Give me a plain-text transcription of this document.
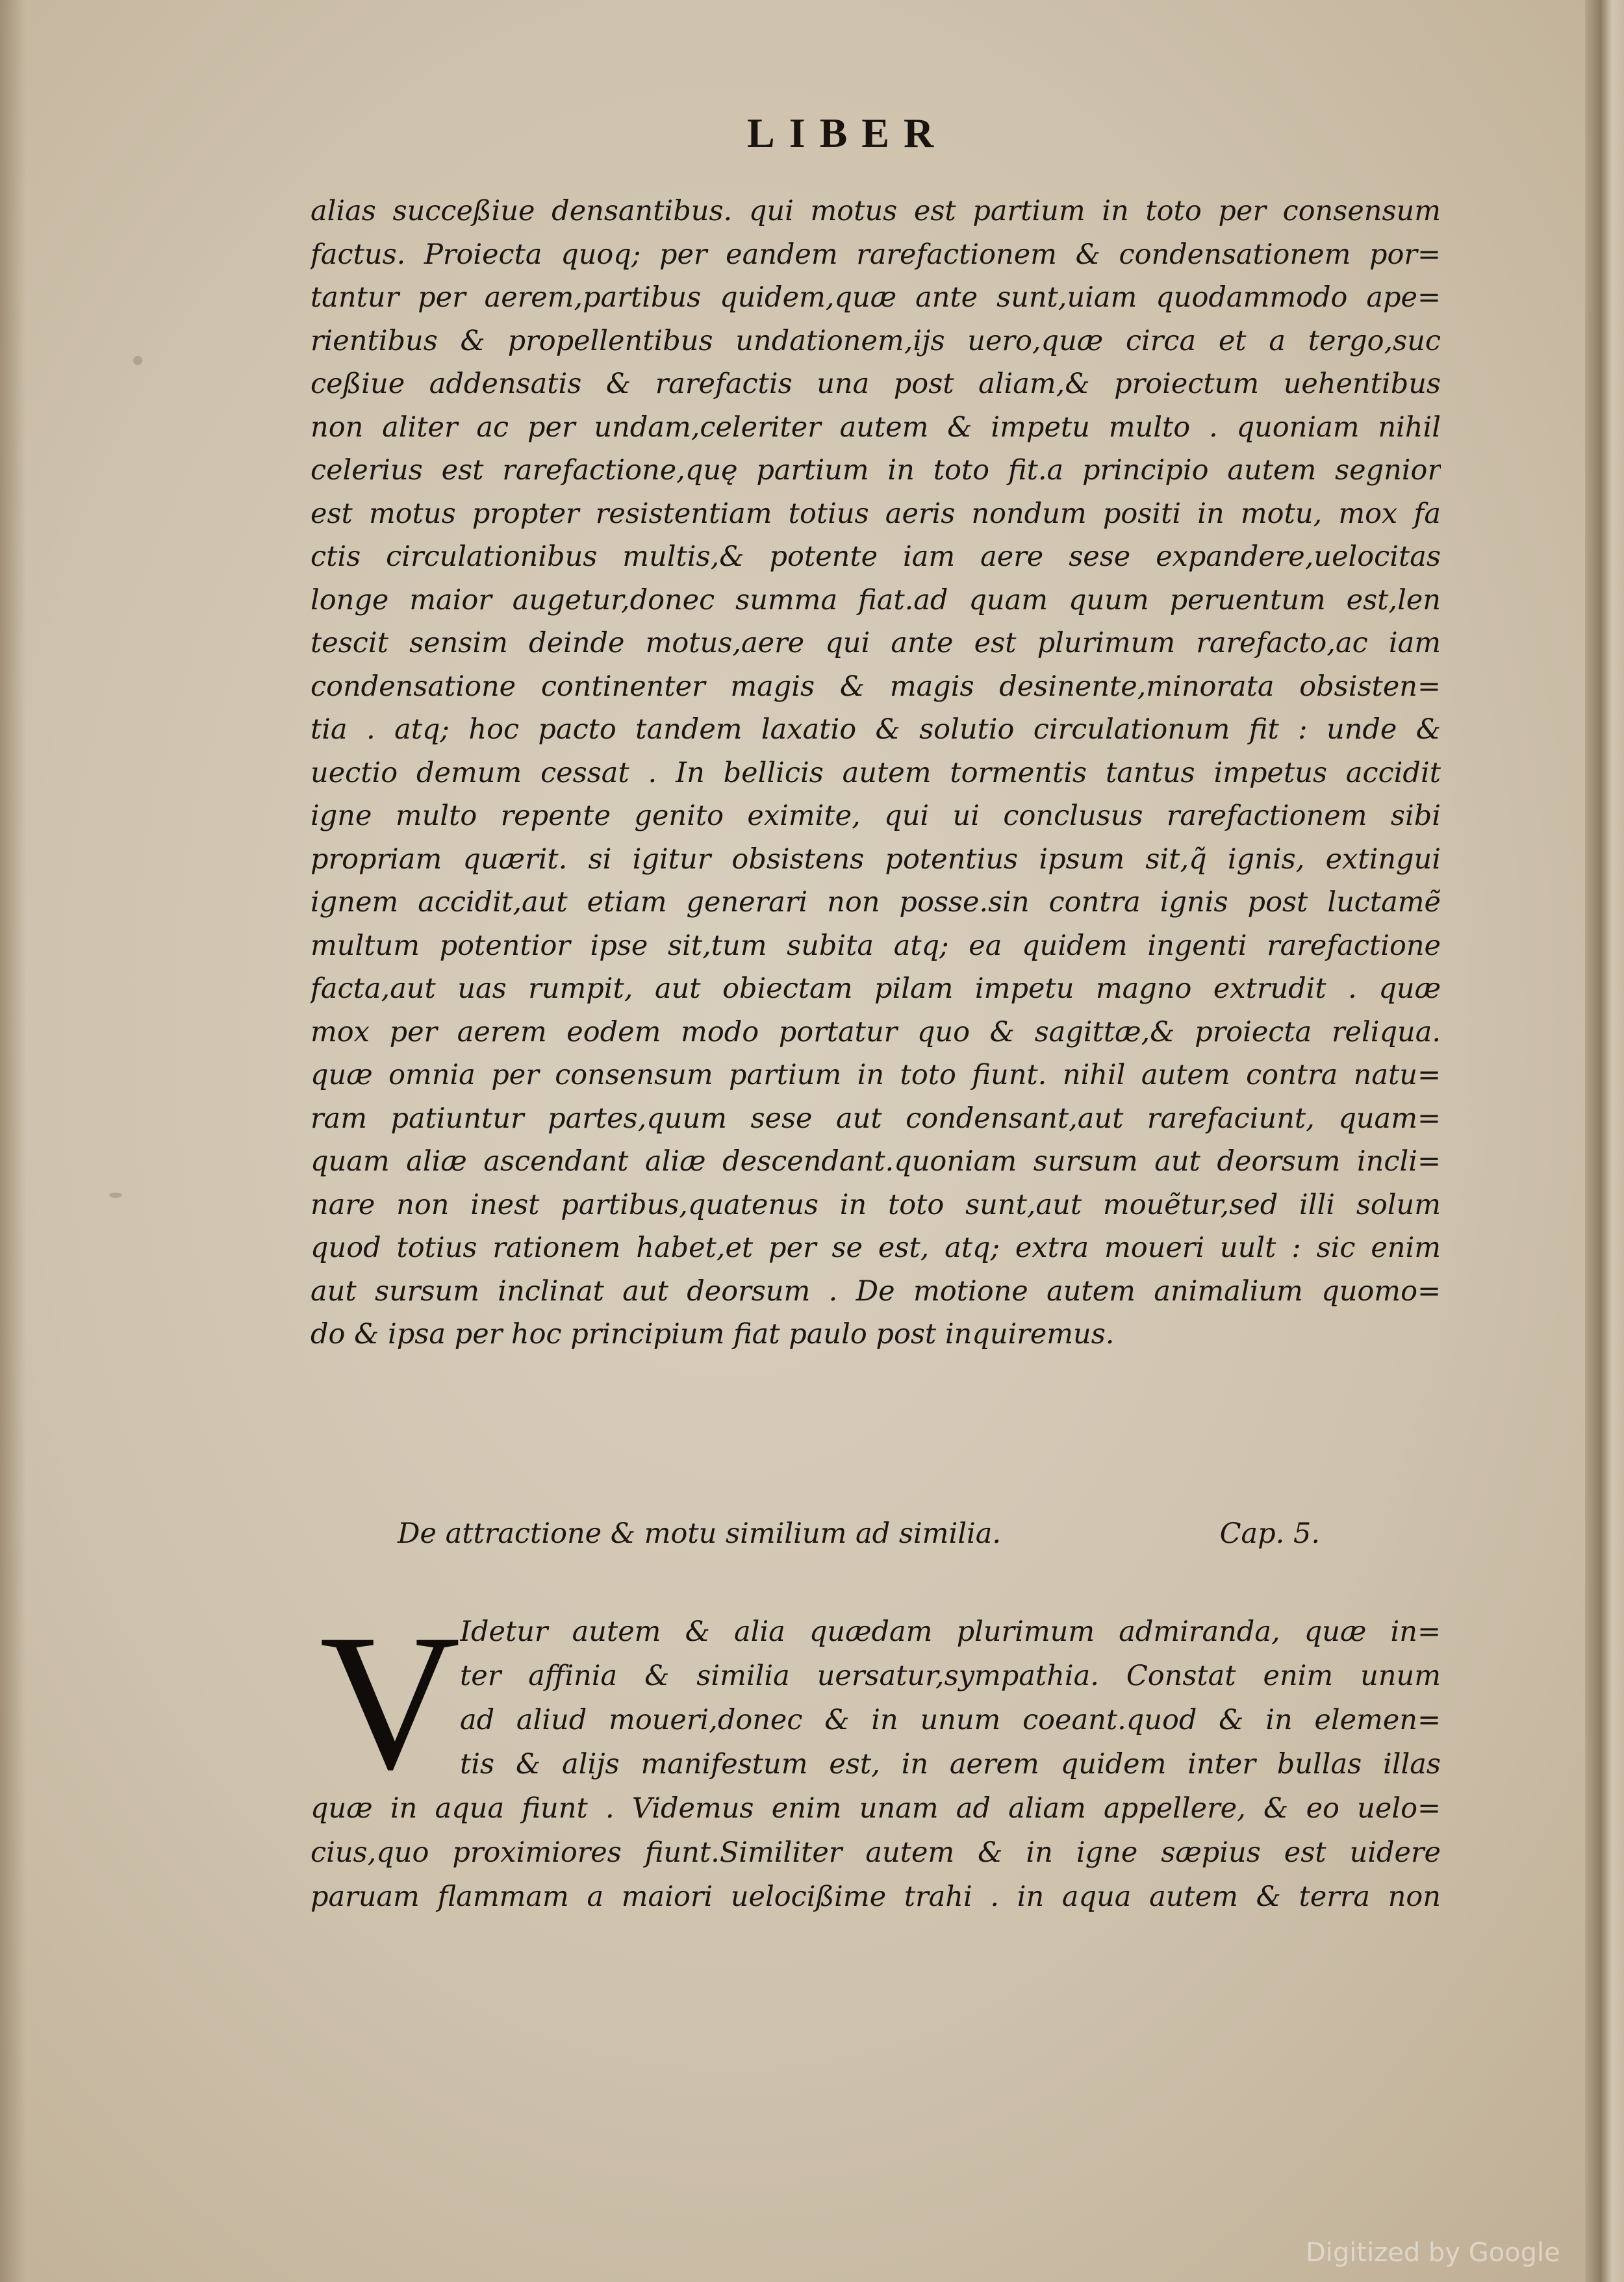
LIBER
alias succeßiue densantibus. qui motus est partium in toto per consensum
factus. Proiecta quoq; per eandem rarefactionem & condensationem por=
tantur per aerem,partibus quidem,quæ ante sunt,uiam quodammodo ape=
rientibus & propellentibus undationem,ijs uero,quæ circa et a tergo,suc
ceßiue addensatis & rarefactis una post aliam,& proiectum uehentibus
non aliter ac per undam,celeriter autem & impetu multo . quoniam nihil
celerius est rarefactione,quę partium in toto fit.a principio autem segnior
est motus propter resistentiam totius aeris nondum positi in motu, mox fa
ctis circulationibus multis,& potente iam aere sese expandere,uelocitas
longe maior augetur,donec summa fiat.ad quam quum peruentum est,len
tescit sensim deinde motus,aere qui ante est plurimum rarefacto,ac iam
condensatione continenter magis & magis desinente,minorata obsisten=
tia . atq; hoc pacto tandem laxatio & solutio circulationum fit : unde &
uectio demum cessat . In bellicis autem tormentis tantus impetus accidit
igne multo repente genito eximite, qui ui conclusus rarefactionem sibi
propriam quærit. si igitur obsistens potentius ipsum sit,q̃ ignis, extingui
ignem accidit,aut etiam generari non posse.sin contra ignis post luctamẽ
multum potentior ipse sit,tum subita atq; ea quidem ingenti rarefactione
facta,aut uas rumpit, aut obiectam pilam impetu magno extrudit . quæ
mox per aerem eodem modo portatur quo & sagittæ,& proiecta reliqua.
quæ omnia per consensum partium in toto fiunt. nihil autem contra natu=
ram patiuntur partes,quum sese aut condensant,aut rarefaciunt, quam=
quam aliæ ascendant aliæ descendant.quoniam sursum aut deorsum incli=
nare non inest partibus,quatenus in toto sunt,aut mouẽtur,sed illi solum
quod totius rationem habet,et per se est, atq; extra moueri uult : sic enim
aut sursum inclinat aut deorsum . De motione autem animalium quomo=
do & ipsa per hoc principium fiat paulo post inquiremus.
De attractione & motu similium ad similia.	Cap. 5.
V Idetur autem & alia quædam plurimum admiranda, quæ in=
ter affinia & similia uersatur,sympathia. Constat enim unum
ad aliud moueri,donec & in unum coeant.quod & in elemen=
tis & alijs manifestum est, in aerem quidem inter bullas illas
quæ in aqua fiunt . Videmus enim unam ad aliam appellere, & eo uelo=
cius,quo proximiores fiunt.Similiter autem & in igne sæpius est uidere
paruam flammam a maiori uelocißime trahi . in aqua autem & terra non
Digitized by Google
